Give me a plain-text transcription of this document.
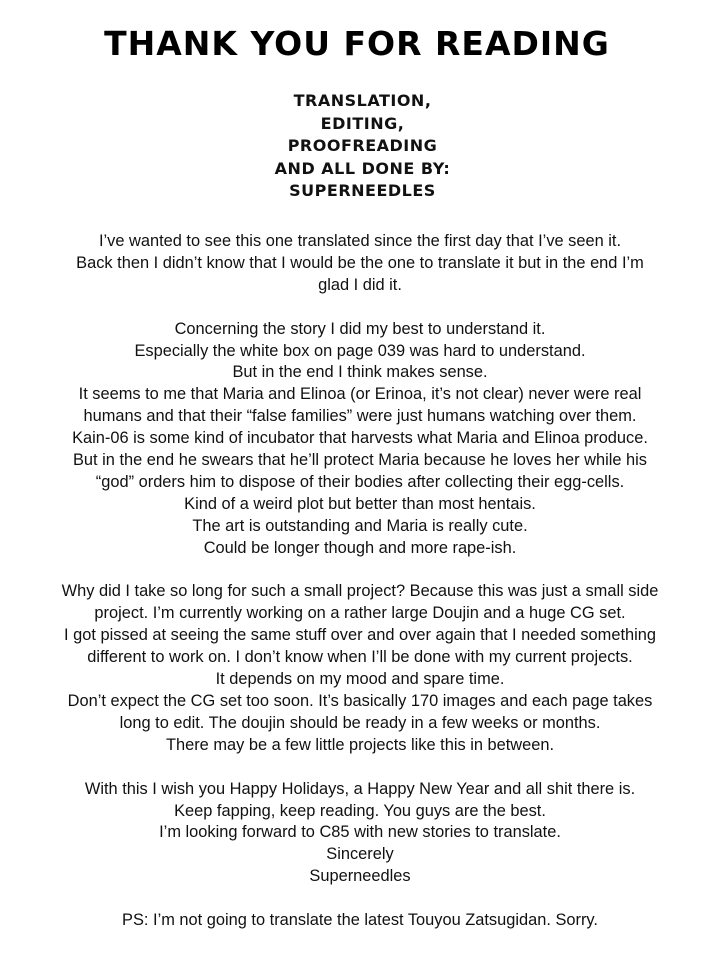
THANK YOU FOR READING
TRANSLATION,
EDITING,
PROOFREADING
AND ALL DONE BY:
SUPERNEEDLES
I’ve wanted to see this one translated since the first day that I’ve seen it.
Back then I didn’t know that I would be the one to translate it but in the end I’m
glad I did it.
Concerning the story I did my best to understand it.
Especially the white box on page 039 was hard to understand.
But in the end I think makes sense.
It seems to me that Maria and Elinoa (or Erinoa, it’s not clear) never were real
humans and that their “false families” were just humans watching over them.
Kain-06 is some kind of incubator that harvests what Maria and Elinoa produce.
But in the end he swears that he’ll protect Maria because he loves her while his
“god” orders him to dispose of their bodies after collecting their egg-cells.
Kind of a weird plot but better than most hentais.
The art is outstanding and Maria is really cute.
Could be longer though and more rape-ish.
Why did I take so long for such a small project? Because this was just a small side
project. I’m currently working on a rather large Doujin and a huge CG set.
I got pissed at seeing the same stuff over and over again that I needed something
different to work on. I don’t know when I’ll be done with my current projects.
It depends on my mood and spare time.
Don’t expect the CG set too soon. It’s basically 170 images and each page takes
long to edit. The doujin should be ready in a few weeks or months.
There may be a few little projects like this in between.
With this I wish you Happy Holidays, a Happy New Year and all shit there is.
Keep fapping, keep reading. You guys are the best.
I’m looking forward to C85 with new stories to translate.
Sincerely
Superneedles
PS: I’m not going to translate the latest Touyou Zatsugidan. Sorry.
